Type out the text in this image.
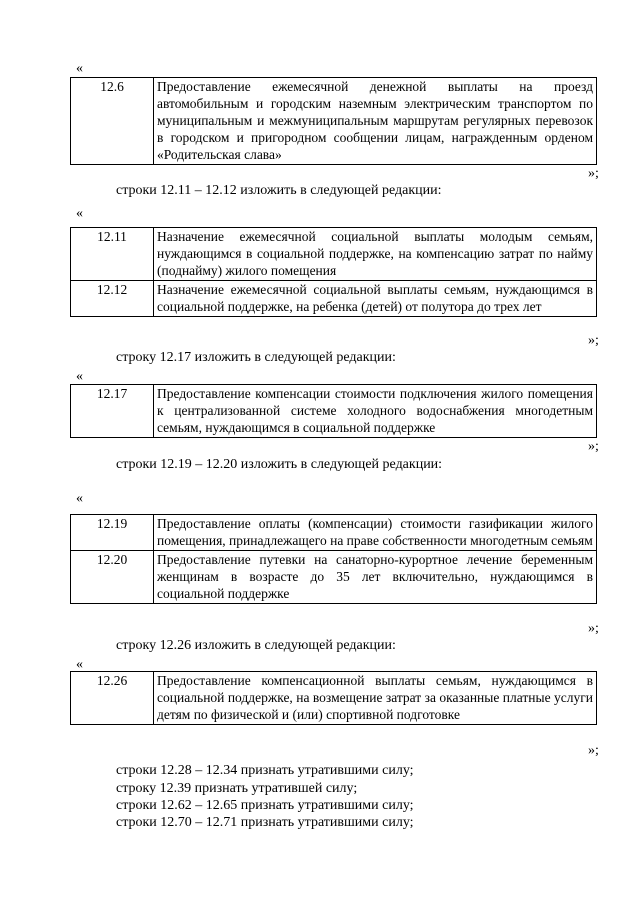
«
12.6	Предоставление ежемесячной денежной выплаты на проезд автомобильным и городским наземным электрическим транспортом по муниципальным и межмуниципальным маршрутам регулярных перевозок в городском и пригородном сообщении лицам, награжденным орденом «Родительская слава»
»;
строки 12.11 – 12.12 изложить в следующей редакции:
«
12.11	Назначение ежемесячной социальной выплаты молодым семьям, нуждающимся в социальной поддержке, на компенсацию затрат по найму (поднайму) жилого помещения
12.12	Назначение ежемесячной социальной выплаты семьям, нуждающимся в социальной поддержке, на ребенка (детей) от полутора до трех лет
»;
строку 12.17 изложить в следующей редакции:
«
12.17	Предоставление компенсации стоимости подключения жилого помещения к централизованной системе холодного водоснабжения многодетным семьям, нуждающимся в социальной поддержке
»;
строки 12.19 – 12.20 изложить в следующей редакции:
«
12.19	Предоставление оплаты (компенсации) стоимости газификации жилого помещения, принадлежащего на праве собственности многодетным семьям
12.20	Предоставление путевки на санаторно-курортное лечение беременным женщинам в возрасте до 35 лет включительно, нуждающимся в социальной поддержке
»;
строку 12.26 изложить в следующей редакции:
«
12.26	Предоставление компенсационной выплаты семьям, нуждающимся в социальной поддержке, на возмещение затрат за оказанные платные услуги детям по физической и (или) спортивной подготовке
»;
строки 12.28 – 12.34 признать утратившими силу;
строку 12.39 признать утратившей силу;
строки 12.62 – 12.65 признать утратившими силу;
строки 12.70 – 12.71 признать утратившими силу;
